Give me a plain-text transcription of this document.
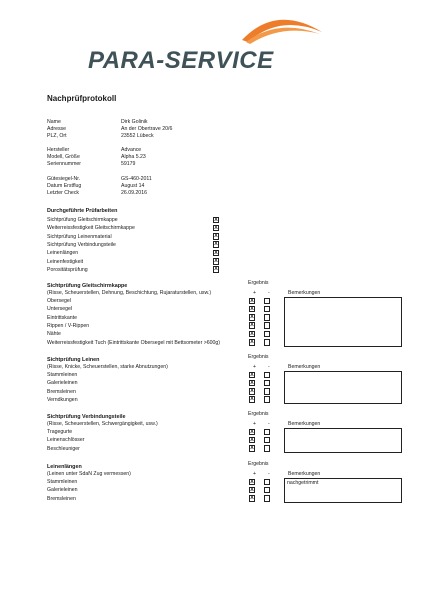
PARA-SERVICE
Nachprüfprotokoll
Name	Dirk Golinik
Adresse	An der Obertrave 20/6
PLZ, Ort	23552 Lübeck
Hersteller	Advance
Modell, Größe	Alpha 5.23
Seriennummer	59179
Gütesiegel-Nr.	GS-460-2011
Datum Erstflug	August 14
Letzter Check	26.09.2016
Durchgeführte Prüfarbeiten
Sichtprüfung Gleitschirmkappe	X
Weiterreissfestigkeit Gleitschirmkappe	X
Sichtprüfung Leinenmaterial	X
Sichtprüfung Verbindungsteile	X
Leinenlängen	X
Leinenfestigkeit	X
Porositätsprüfung	X
Sichtprüfung Gleitschirmkappe	Ergebnis
(Risse, Scheuerstellen, Dehnung, Beschichtung, Rujaraturstellen, usw.)	+ -	Bemerkungen
Obersegel	X
Untersegel	X
Eintrittskante	X
Rippen / V-Rippen	X
Nähte	X
Weiterreissfestigkeit Tuch (Eintrittskante Obersegel mit Bettsometer >600g)	X
Sichtprüfung Leinen	Ergebnis
(Risse, Knicke, Scheuerstellen, starke Abnutzungen)	+ -	Bemerkungen
Stammleinen	X
Galerieleinen	X
Bremsleinen	X
Verndkungen	X
Sichtprüfung Verbindungsteile	Ergebnis
(Risse, Scheuerstellen, Schwergängigkeit, usw.)	+ -	Bemerkungen
Tragegurte	X
Leinenschlösser	X
Beschleuniger	X
Leinenlängen	Ergebnis
(Leinen unter SdaN Zug vermessen)	+ -	Bemerkungen
Stammleinen	X
Galerieleinen	X
Bremsleinen	X
nachgetrimmt
